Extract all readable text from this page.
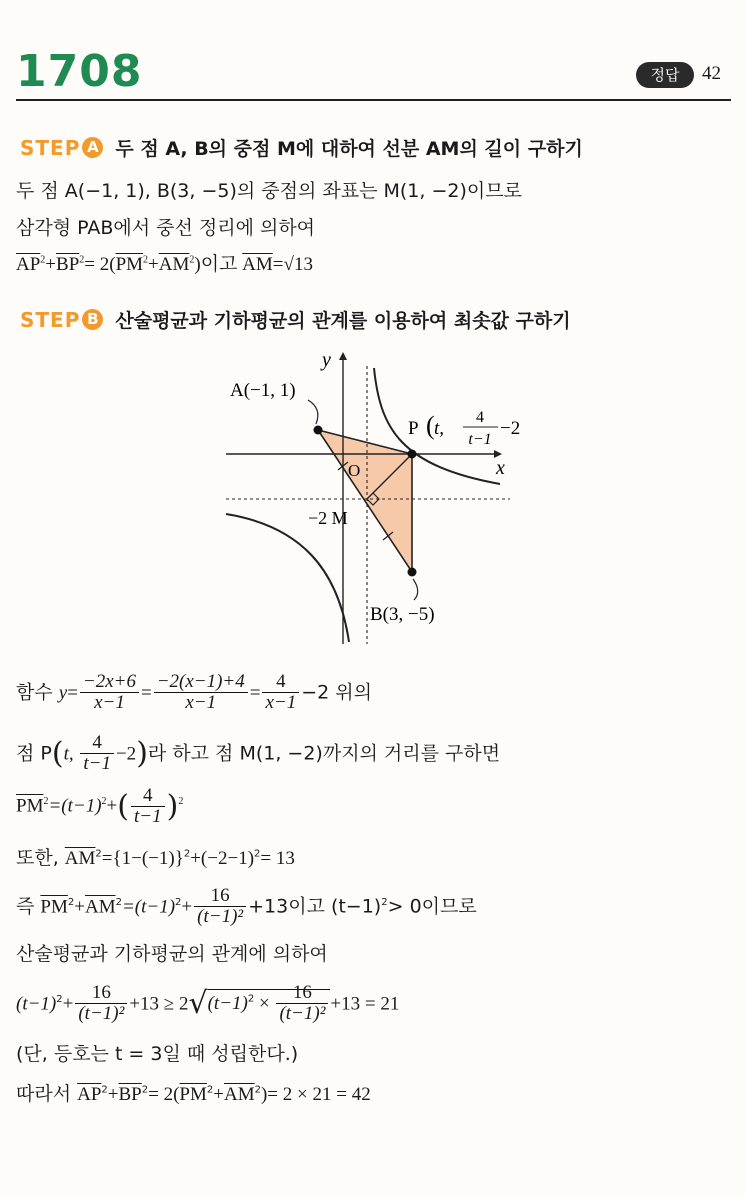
1708	정답	42
STEP A 두 점 A, B의 중점 M에 대하여 선분 AM의 길이 구하기
두 점 A(−1, 1), B(3, −5)의 중점의 좌표는 M(1, −2)이므로
삼각형 PAB에서 중선 정리에 의하여
$\overline{AP}^2+\overline{BP}^2= 2(\overline{PM}^2+\overline{AM}^2)$이고 $\overline{AM}=√13$
STEP B 산술평균과 기하평균의 관계를 이용하여 최솟값 구하기
y
x
O
A(−1, 1)
P ( t,
4
t−1
−2
−2 M
B(3, −5)
함수 $y= \frac{-2x+6}{x-1} = \frac{-2(x-1)+4}{x-1} = \frac{4}{x-1} -2$ 위의
점 P(t, $\frac{4}{t-1} -2$)라 하고 점 M(1, −2)까지의 거리를 구하면
$\overline{PM}^2=(t-1)^2+( \frac{4}{t-1} )^2$
또한, $\overline{AM}^2=\{1-(-1)\}^2+(-2-1)^2= 13$
즉 $\overline{PM}^2+\overline{AM}^2=(t-1)^2+ \frac{16}{\text{(t−1)²}} +13$이고 $(t-1)^2> 0$이므로
산술평균과 기하평균의 관계에 의하여
$(t-1)^2+ \frac{16}{\text{(t−1)²}} +13 \ge 2√(t-1)^2 \times \frac{16}{\text{(t−1)²}} +13 = 21$
(단, 등호는 t = 3일 때 성립한다.)
따라서 $\overline{AP}^2+\overline{BP}^2= 2(\overline{PM}^2+\overline{AM}^2)= 2 \times 21 = 42$
